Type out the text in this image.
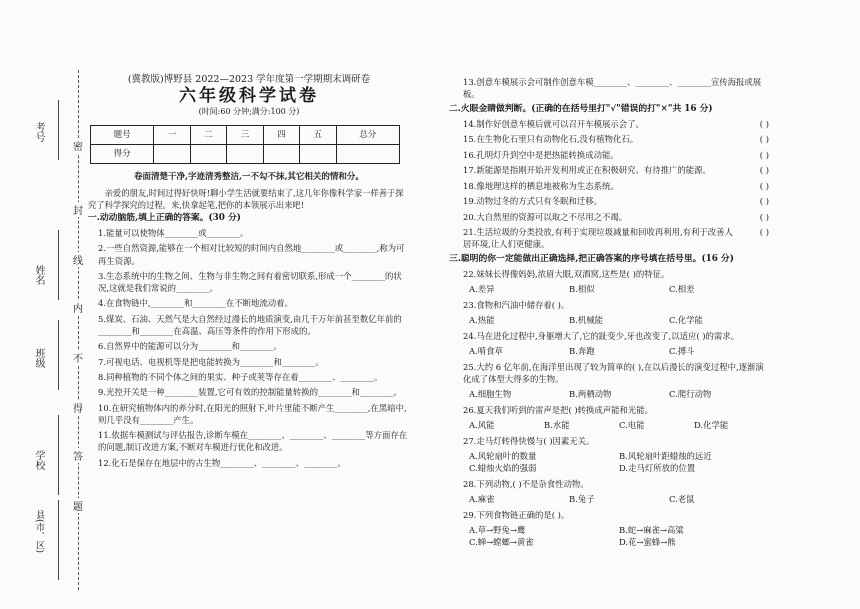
考号
姓名
班级
学校
县(市、区)
密
封
线
内
不
得
答
题
(冀教版)博野县 2022—2023 学年度第一学期期末调研卷
六年级科学试卷
(时间:60 分钟;满分:100 分)
题号	一	二	三	四	五	总分
得分						
卷面清楚干净,字迹清秀整洁,一不勾不抹,其它相关的情和分。
亲爱的朋友,时间过得好快呀!聊小学生活就要结束了,这几年你像科学家一样善于探究了科学探究的过程。来,快拿起笔,把你的本领展示出来吧!
一.动动脑筋,填上正确的答案。(30 分)
1.能量可以使物体________或________。
2.一些自然资源,能够在一个相对比较短的时间内自然地________或________,称为可再生资源。
3.生态系统中的生物之间、生物与非生物之间有着密切联系,形成一个________的状况,这就是我们常说的________。
4.在食物链中,________和________在不断地流动着。
5.煤炭、石油、天然气是大自然经过漫长的地质演变,由几千万年前甚至数亿年前的________和________在高温、高压等条件的作用下形成的。
6.自然界中的能源可以分为________和________。
7.可视电话、电视机等是把电能转换为________和________。
8.同种植物的不同个体之间的果实、种子或荚等存在着________、________。
9.光控开关是一种________装置,它可有效的控制能量转换的________和________。
10.在研究植物体内的养分时,在阳光的照射下,叶片里能不断产生________,在黑暗中,则几乎没有________产生。
11.依据车模测试与评估报告,诊断车模在________、________、________等方面存在的问题,制订改进方案,不断对车模进行优化和改进。
12.化石是保存在地层中的古生物________、________、________。
13.创意车模展示会可制作创意车模________、________、________宣传海报或展板。
二.火眼金睛做判断。(正确的在括号里打"√"错误的打"×"共 16 分)
14.制作好创意车模后就可以召开车模展示会了。	( )
15.在生物化石里只有动物化石,没有植物化石。	( )
16.孔明灯升到空中是把热能转换成动能。	( )
17.新能源是指刚开始开发利用或正在积极研究、有待推广的能源。	( )
18.像地理这样的栖息地被称为生态系统。	( )
19.动物过冬的方式只有冬眠和迁移。	( )
20.大自然里的资源可以取之不尽用之不竭。	( )
21.生活垃圾的分类投放,有利于实现垃圾减量和回收再利用,有利于改善人居环境,让人们更健康。
( )
三.聪明的你一定能做出正确选择,把正确答案的序号填在括号里。(16 分)
22.妹妹长得像妈妈,浓眉大眼,双酒窝,这些是( )的特征。
A.差异	B.相似	C.相差
23.食物和汽油中储存着( )。
A.热能	B.机械能	C.化学能
24.马在进化过程中,身躯增大了,它的趾变少,牙也改变了,以适应( )的需求。
A.啃食草	B.奔跑	C.搏斗
25.大约 6 亿年前,在海洋里出现了较为简单的( ),在以后漫长的演变过程中,逐渐演化成了体型大得多的生物。
A.细胞生物	B.两栖动物	C.爬行动物
26.夏天我们听到的雷声是把( )转换成声能和光能。
A.风能	B.水能	C.电能	D.化学能
27.走马灯转得快慢与( )因素无关。
A.风轮扇叶的数量	B.风轮扇叶距蜡烛的远近
C.蜡烛火焰的强弱	D.走马灯所放的位置
28.下列动物,( )不是杂食性动物。
A.麻雀	B.兔子	C.老鼠
29.下列食物链正确的是( )。
A.草→野兔→鹰	B.蛇→麻雀→高粱
C.蝉→螳螂→黄雀	D.花→蜜蜂→熊
